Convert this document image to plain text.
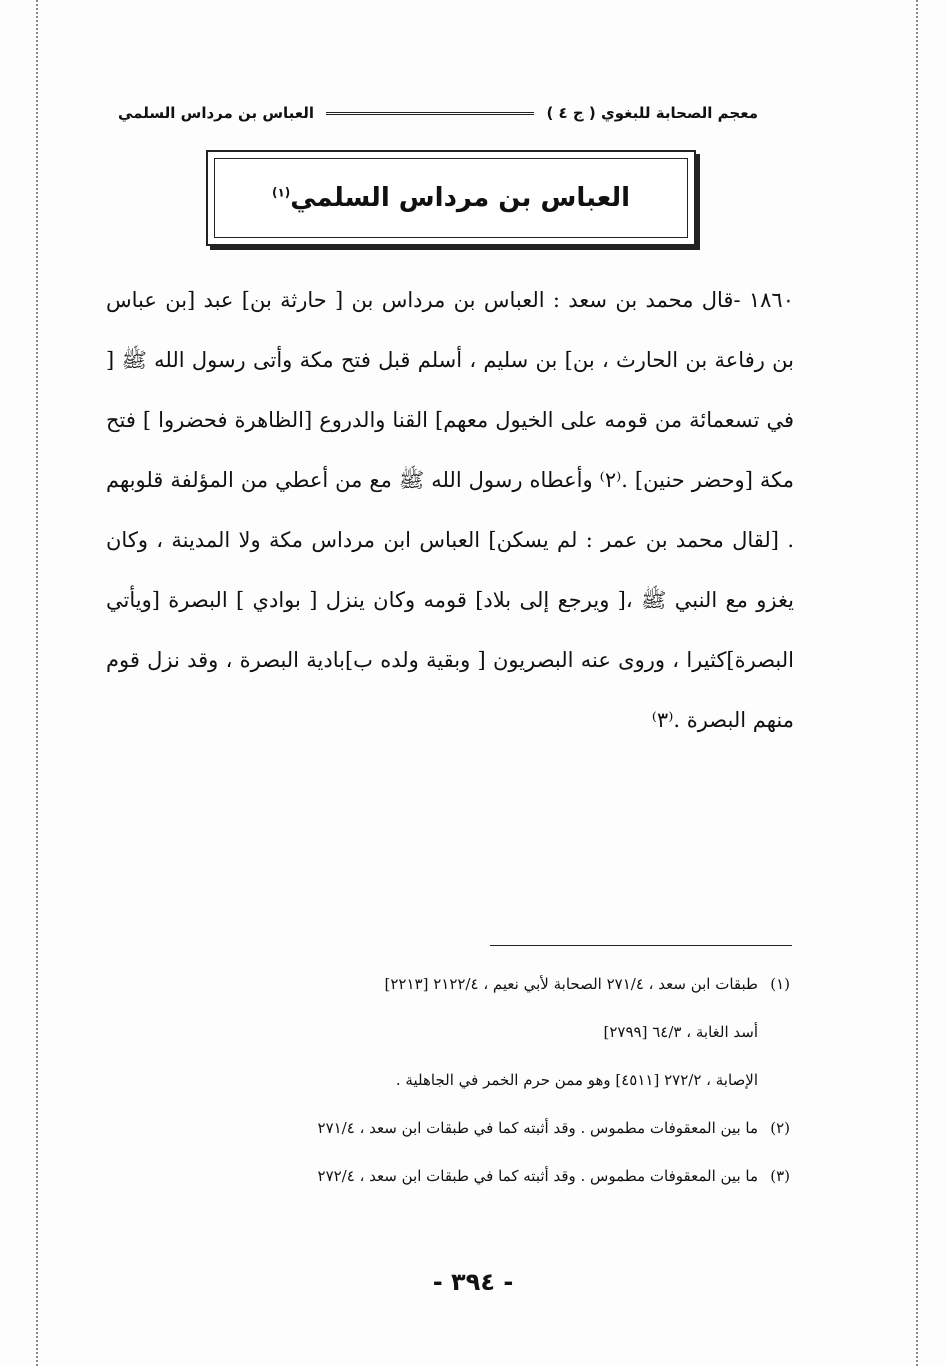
معجم الصحابة للبغوي ( ج ٤ )
العباس بن مرداس السلمي
العباس بن مرداس السلمي$^{(١)}$

١٨٦٠ -قال محمد بن سعد : العباس بن مرداس بن [ حارثة بن] عبد [بن عباس بن رفاعة بن الحارث ، بن] بن سليم ، أسلم قبل فتح مكة وأتى رسول الله ﷺ [ في تسعمائة من قومه على الخيول معهم] القنا والدروع [الظاهرة فحضروا ] فتح مكة [وحضر حنين] .⁽٢⁾ وأعطاه رسول الله ﷺ مع من أعطي من المؤلفة قلوبهم . [لقال محمد بن عمر : لم يسكن] العباس ابن مرداس مكة ولا المدينة ، وكان يغزو مع النبي ﷺ ،[ ويرجع إلى بلاد] قومه وكان ينزل [ بوادي ] البصرة [ويأتي البصرة]كثيرا ، وروى عنه البصريون [ وبقية ولده ب]بادية البصرة ، وقد نزل قوم منهم البصرة .⁽٣⁾

(١)طبقات ابن سعد ، ٢٧١/٤ الصحابة لأبي نعيم ، ٢١٢٢/٤ [٢٢١٣]
أسد الغابة ، ٦٤/٣ [٢٧٩٩]
الإصابة ، ٢٧٢/٢ [٤٥١١] وهو ممن حرم الخمر في الجاهلية .
(٢)ما بين المعقوفات مطموس . وقد أثبته كما في طبقات ابن سعد ، ٢٧١/٤
(٣)ما بين المعقوفات مطموس . وقد أثبته كما في طبقات ابن سعد ، ٢٧٢/٤
- ٣٩٤ -
